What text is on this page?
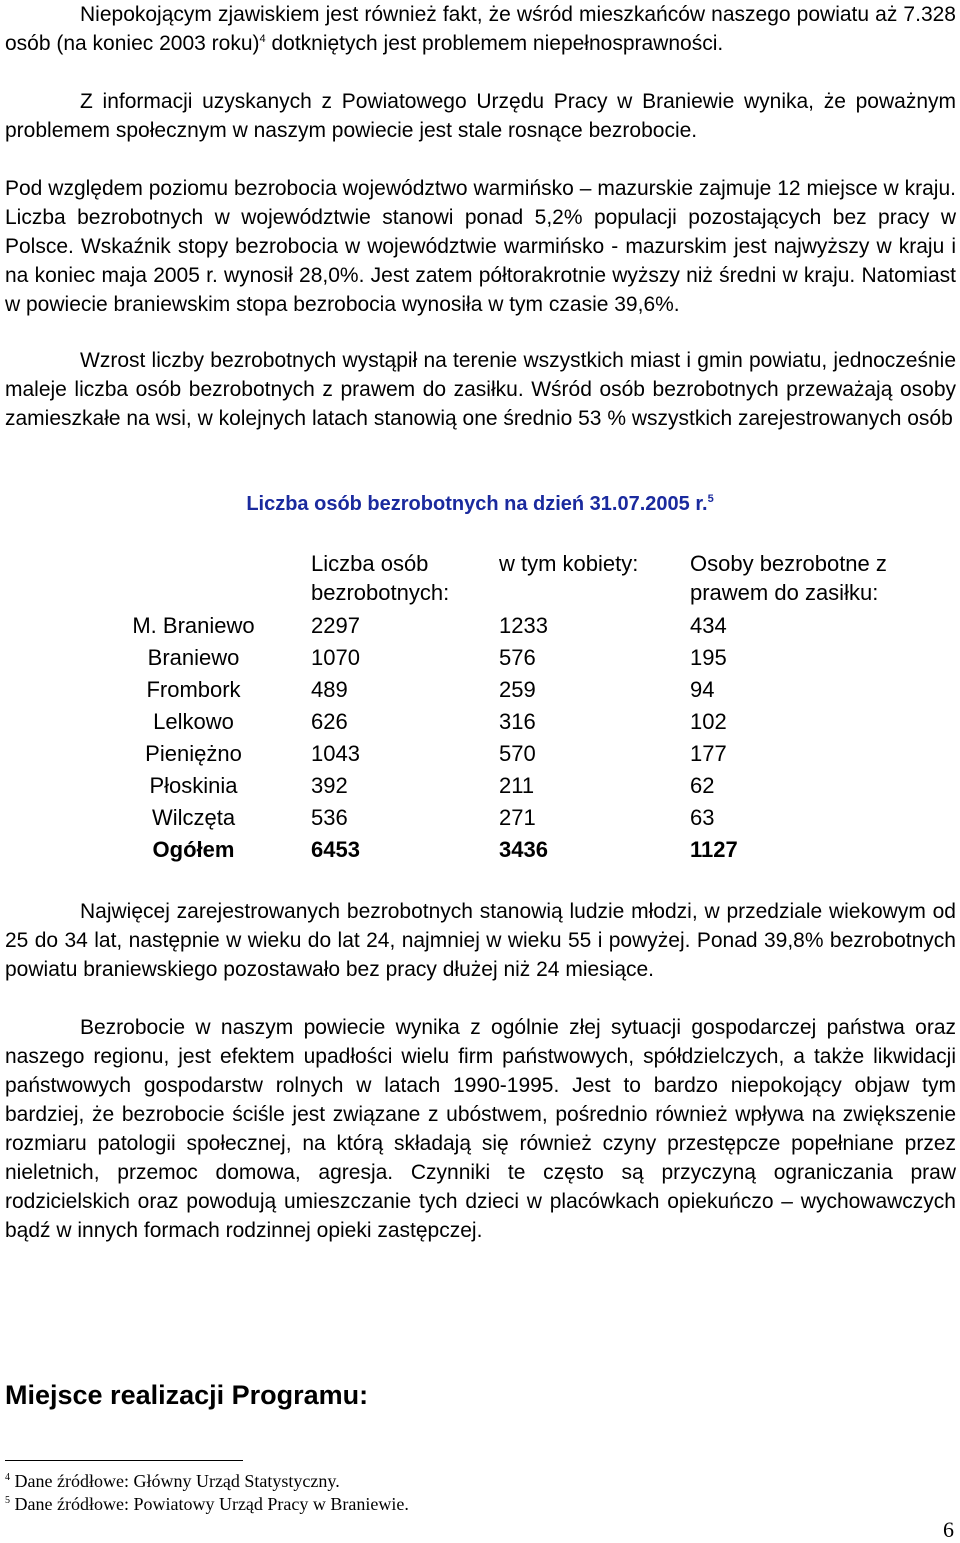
Niepokojącym zjawiskiem jest również fakt, że wśród mieszkańców naszego powiatu aż 7.328 osób (na koniec 2003 roku)$^4$ dotkniętych jest problemem niepełnosprawności.

Z informacji uzyskanych z Powiatowego Urzędu Pracy w Braniewie wynika, że poważnym problemem społecznym w naszym powiecie jest stale rosnące bezrobocie.

Pod względem poziomu bezrobocia województwo warmińsko – mazurskie zajmuje 12 miejsce w kraju. Liczba bezrobotnych w województwie stanowi ponad 5,2% populacji pozostających bez pracy w Polsce. Wskaźnik stopy bezrobocia w województwie warmińsko - mazurskim jest najwyższy w kraju i na koniec maja 2005 r. wynosił 28,0%. Jest zatem półtorakrotnie wyższy niż średni w kraju. Natomiast w powiecie braniewskim stopa bezrobocia wynosiła w tym czasie 39,6%.

Wzrost liczby bezrobotnych wystąpił na terenie wszystkich miast i gmin powiatu, jednocześnie maleje liczba osób bezrobotnych z prawem do zasiłku. Wśród osób bezrobotnych przeważają osoby zamieszkałe na wsi, w kolejnych latach stanowią one średnio 53 % wszystkich zarejestrowanych osób

Liczba osób bezrobotnych na dzień 31.07.2005 r.$^5$
	Liczba osób bezrobotnych:	w tym kobiety:	Osoby bezrobotne z prawem do zasiłku:
M. Braniewo	2297	1233	434
Braniewo	1070	576	195
Frombork	489	259	94
Lelkowo	626	316	102
Pieniężno	1043	570	177
Płoskinia	392	211	62
Wilczęta	536	271	63
Ogółem	6453	3436	1127

Najwięcej zarejestrowanych bezrobotnych stanowią ludzie młodzi, w przedziale wiekowym od 25 do 34 lat, następnie w wieku do lat 24, najmniej w wieku 55 i powyżej. Ponad 39,8% bezrobotnych powiatu braniewskiego pozostawało bez pracy dłużej niż 24 miesiące.

Bezrobocie w naszym powiecie wynika z ogólnie złej sytuacji gospodarczej państwa oraz naszego regionu, jest efektem upadłości wielu firm państwowych, spółdzielczych, a także likwidacji państwowych gospodarstw rolnych w latach 1990-1995. Jest to bardzo niepokojący objaw tym bardziej, że bezrobocie ściśle jest związane z ubóstwem, pośrednio również wpływa na zwiększenie rozmiaru patologii społecznej, na którą składają się również czyny przestępcze popełniane przez nieletnich, przemoc domowa, agresja. Czynniki te często są przyczyną ograniczania praw rodzicielskich oraz powodują umieszczanie tych dzieci w placówkach opiekuńczo – wychowawczych bądź w innych formach rodzinnej opieki zastępczej.

Miejsce realizacji Programu:
$^4$ Dane źródłowe: Główny Urząd Statystyczny.
$^5$ Dane źródłowe: Powiatowy Urząd Pracy w Braniewie.
6
